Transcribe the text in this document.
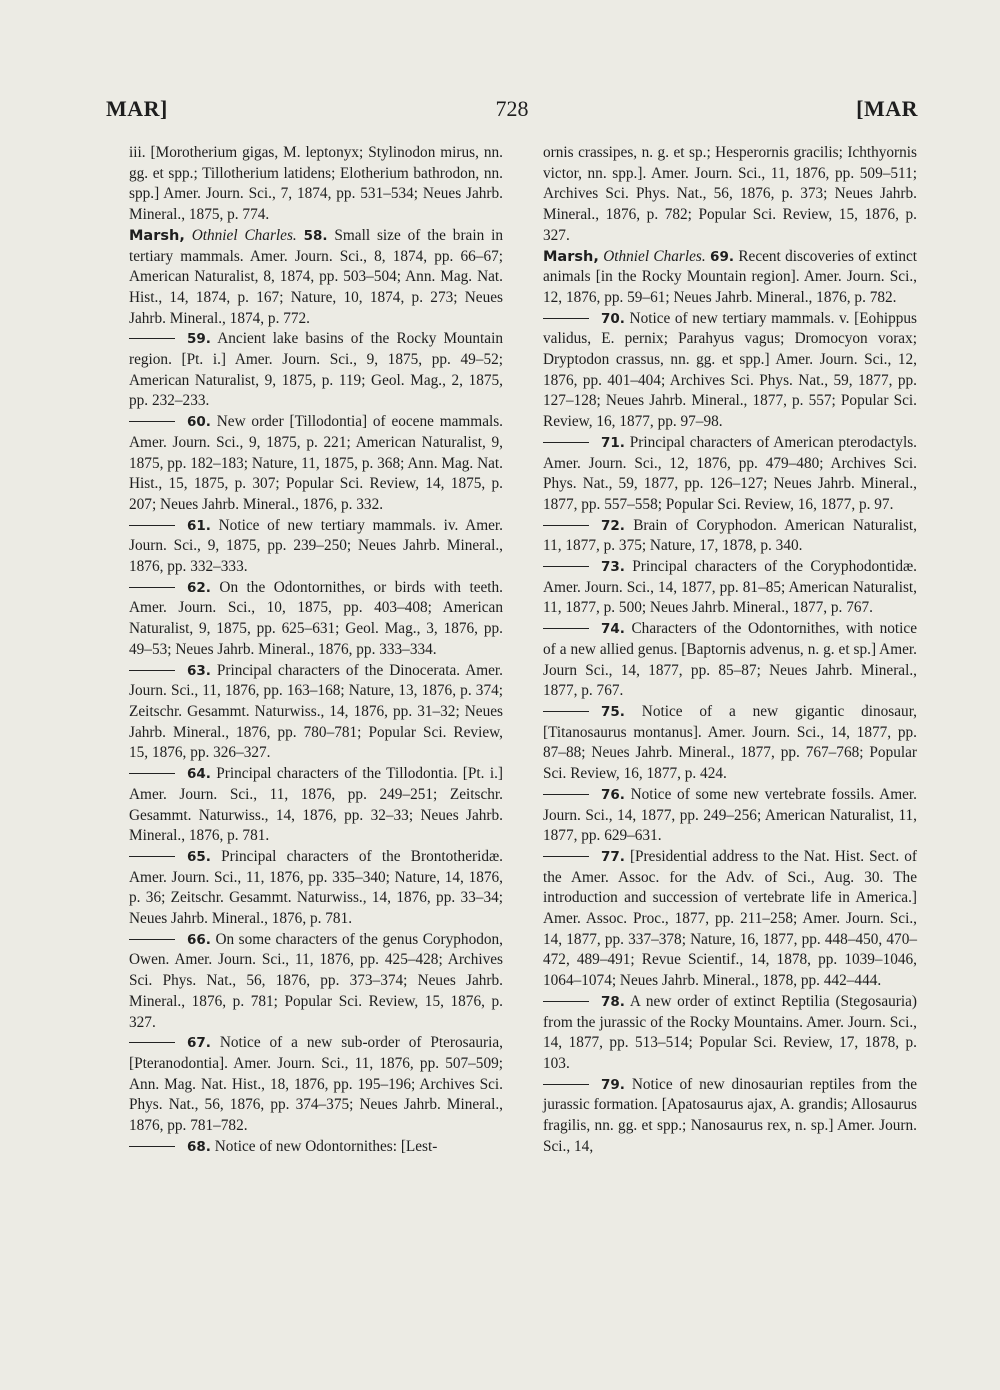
MAR]	728	[MAR

iii. [Morotherium gigas, M. leptonyx; Stylinodon mirus, nn. gg. et spp.; Tillotherium latidens; Elotherium bathrodon, nn. spp.] Amer. Journ. Sci., 7, 1874, pp. 531–534; Neues Jahrb. Mineral., 1875, p. 774.

Marsh, Othniel Charles. 58. Small size of the brain in tertiary mammals. Amer. Journ. Sci., 8, 1874, pp. 66–67; American Naturalist, 8, 1874, pp. 503–504; Ann. Mag. Nat. Hist., 14, 1874, p. 167; Nature, 10, 1874, p. 273; Neues Jahrb. Mineral., 1874, p. 772.

59. Ancient lake basins of the Rocky Mountain region. [Pt. i.] Amer. Journ. Sci., 9, 1875, pp. 49–52; American Naturalist, 9, 1875, p. 119; Geol. Mag., 2, 1875, pp. 232–233.

60. New order [Tillodontia] of eocene mammals. Amer. Journ. Sci., 9, 1875, p. 221; American Naturalist, 9, 1875, pp. 182–183; Nature, 11, 1875, p. 368; Ann. Mag. Nat. Hist., 15, 1875, p. 307; Popular Sci. Review, 14, 1875, p. 207; Neues Jahrb. Mineral., 1876, p. 332.

61. Notice of new tertiary mammals. iv. Amer. Journ. Sci., 9, 1875, pp. 239–250; Neues Jahrb. Mineral., 1876, pp. 332–333.

62. On the Odontornithes, or birds with teeth. Amer. Journ. Sci., 10, 1875, pp. 403–408; American Naturalist, 9, 1875, pp. 625–631; Geol. Mag., 3, 1876, pp. 49–53; Neues Jahrb. Mineral., 1876, pp. 333–334.

63. Principal characters of the Dinocerata. Amer. Journ. Sci., 11, 1876, pp. 163–168; Nature, 13, 1876, p. 374; Zeitschr. Gesammt. Naturwiss., 14, 1876, pp. 31–32; Neues Jahrb. Mineral., 1876, pp. 780–781; Popular Sci. Review, 15, 1876, pp. 326–327.

64. Principal characters of the Tillodontia. [Pt. i.] Amer. Journ. Sci., 11, 1876, pp. 249–251; Zeitschr. Gesammt. Naturwiss., 14, 1876, pp. 32–33; Neues Jahrb. Mineral., 1876, p. 781.

65. Principal characters of the Brontotheridæ. Amer. Journ. Sci., 11, 1876, pp. 335–340; Nature, 14, 1876, p. 36; Zeitschr. Gesammt. Naturwiss., 14, 1876, pp. 33–34; Neues Jahrb. Mineral., 1876, p. 781.

66. On some characters of the genus Coryphodon, Owen. Amer. Journ. Sci., 11, 1876, pp. 425–428; Archives Sci. Phys. Nat., 56, 1876, pp. 373–374; Neues Jahrb. Mineral., 1876, p. 781; Popular Sci. Review, 15, 1876, p. 327.

67. Notice of a new sub-order of Pterosauria, [Pteranodontia]. Amer. Journ. Sci., 11, 1876, pp. 507–509; Ann. Mag. Nat. Hist., 18, 1876, pp. 195–196; Archives Sci. Phys. Nat., 56, 1876, pp. 374–375; Neues Jahrb. Mineral., 1876, pp. 781–782.

68. Notice of new Odontornithes: [Lest-

ornis crassipes, n. g. et sp.; Hesperornis gracilis; Ichthyornis victor, nn. spp.]. Amer. Journ. Sci., 11, 1876, pp. 509–511; Archives Sci. Phys. Nat., 56, 1876, p. 373; Neues Jahrb. Mineral., 1876, p. 782; Popular Sci. Review, 15, 1876, p. 327.

Marsh, Othniel Charles. 69. Recent discoveries of extinct animals [in the Rocky Mountain region]. Amer. Journ. Sci., 12, 1876, pp. 59–61; Neues Jahrb. Mineral., 1876, p. 782.

70. Notice of new tertiary mammals. v. [Eohippus validus, E. pernix; Parahyus vagus; Dromocyon vorax; Dryptodon crassus, nn. gg. et spp.] Amer. Journ. Sci., 12, 1876, pp. 401–404; Archives Sci. Phys. Nat., 59, 1877, pp. 127–128; Neues Jahrb. Mineral., 1877, p. 557; Popular Sci. Review, 16, 1877, pp. 97–98.

71. Principal characters of American pterodactyls. Amer. Journ. Sci., 12, 1876, pp. 479–480; Archives Sci. Phys. Nat., 59, 1877, pp. 126–127; Neues Jahrb. Mineral., 1877, pp. 557–558; Popular Sci. Review, 16, 1877, p. 97.

72. Brain of Coryphodon. American Naturalist, 11, 1877, p. 375; Nature, 17, 1878, p. 340.

73. Principal characters of the Coryphodontidæ. Amer. Journ. Sci., 14, 1877, pp. 81–85; American Naturalist, 11, 1877, p. 500; Neues Jahrb. Mineral., 1877, p. 767.

74. Characters of the Odontornithes, with notice of a new allied genus. [Baptornis advenus, n. g. et sp.] Amer. Journ Sci., 14, 1877, pp. 85–87; Neues Jahrb. Mineral., 1877, p. 767.

75. Notice of a new gigantic dinosaur, [Titanosaurus montanus]. Amer. Journ. Sci., 14, 1877, pp. 87–88; Neues Jahrb. Mineral., 1877, pp. 767–768; Popular Sci. Review, 16, 1877, p. 424.

76. Notice of some new vertebrate fossils. Amer. Journ. Sci., 14, 1877, pp. 249–256; American Naturalist, 11, 1877, pp. 629–631.

77. [Presidential address to the Nat. Hist. Sect. of the Amer. Assoc. for the Adv. of Sci., Aug. 30. The introduction and succession of vertebrate life in America.] Amer. Assoc. Proc., 1877, pp. 211–258; Amer. Journ. Sci., 14, 1877, pp. 337–378; Nature, 16, 1877, pp. 448–450, 470–472, 489–491; Revue Scientif., 14, 1878, pp. 1039–1046, 1064–1074; Neues Jahrb. Mineral., 1878, pp. 442–444.

78. A new order of extinct Reptilia (Stegosauria) from the jurassic of the Rocky Mountains. Amer. Journ. Sci., 14, 1877, pp. 513–514; Popular Sci. Review, 17, 1878, p. 103.

79. Notice of new dinosaurian reptiles from the jurassic formation. [Apatosaurus ajax, A. grandis; Allosaurus fragilis, nn. gg. et spp.; Nanosaurus rex, n. sp.] Amer. Journ. Sci., 14,
